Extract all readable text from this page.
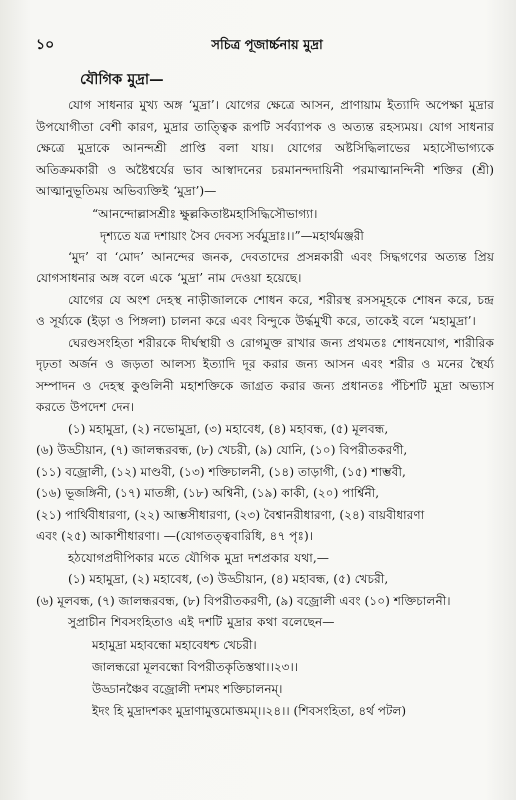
১০	সচিত্র পূজার্চ্চনায় মুদ্রা
যৌগিক মুদ্রা—

যোগ সাধনার মুখ্য অঙ্গ ‘মুদ্রা’। যোগের ক্ষেত্রে আসন, প্রাণায়াম ইত্যাদি অপেক্ষা মুদ্রার উপযোগীতা বেশী কারণ, মুদ্রার তাত্ত্বিক রূপটি সর্বব্যাপক ও অত্যন্ত রহস্যময়। যোগ সাধনার ক্ষেত্রে মুদ্রাকে আনন্দশ্রী প্রাপ্তি বলা যায়। যোগের অষ্টসিদ্ধিলাভের মহাসৌভাগ্যকে অতিক্রমকারী ও অষ্টৈশ্বর্যের ভাব আস্বাদনের চরমানন্দদায়িনী পরমাত্মানন্দিনী শক্তির (শ্রী) আত্মানুভূতিময় অভিব্যক্তিই ‘মুদ্রা’)—

“আনন্দোল্লাসশ্রীঃ ক্ষুল্লকিতাষ্টমহাসিদ্ধিসৌভাগ্যা।
দৃশ্যতে যত্র দশায়াং সৈব দেবস্য সর্বমুদ্রাঃ।।”—মহার্থমঞ্জরী

‘মুদ’ বা ‘মোদ’ আনন্দের জনক, দেবতাদের প্রসন্নকারী এবং সিদ্ধগণের অত্যন্ত প্রিয় যোগসাধনার অঙ্গ বলে একে ‘মুদ্রা’ নাম দেওয়া হয়েছে।

যোগের যে অংশ দেহস্থ নাড়ীজালকে শোধন করে, শরীরস্থ রসসমূহকে শোষন করে, চন্দ্র ও সূর্য্যকে (ইড়া ও পিঙ্গলা) চালনা করে এবং বিন্দুকে উর্দ্ধমুখী করে, তাকেই বলে ‘মহামুদ্রা’।

ঘেরণ্ডসংহিতা শরীরকে দীর্ঘস্থায়ী ও রোগমুক্ত রাখার জন্য প্রথমতঃ শোধনযোগ, শারীরিক দৃঢ়তা অর্জন ও জড়তা আলস্য ইত্যাদি দূর করার জন্য আসন এবং শরীর ও মনের স্থৈর্য্য সম্পাদন ও দেহস্থ কুণ্ডলিনী মহাশক্তিকে জাগ্রত করার জন্য প্রধানতঃ পঁচিশটি মুদ্রা অভ্যাস করতে উপদেশ দেন।

(১) মহামুদ্রা, (২) নভোমুদ্রা, (৩) মহাবেধ, (৪) মহাবন্ধ, (৫) মূলবন্ধ,
(৬) উড্ডীয়ান, (৭) জালন্ধরবন্ধ, (৮) খেচরী, (৯) যোনি, (১০) বিপরীতকরণী,
(১১) বজ্রোলী, (১২) মাণ্ডবী, (১৩) শক্তিচালনী, (১৪) তাড়াগী, (১৫) শাম্ভবী,
(১৬) ভূজঙ্গিনী, (১৭) মাতঙ্গী, (১৮) অশ্বিনী, (১৯) কাকী, (২০) পার্শ্বিনী,
(২১) পার্থিবীধারণা, (২২) আম্ভসীধারণা, (২৩) বৈশ্বানরীধারণা, (২৪) বায়বীধারণা
এবং (২৫) আকাশীধারণা। —(যোগতত্ত্ববারিধি, ৪৭ পৃঃ)।

হঠযোগপ্রদীপিকার মতে যৌগিক মুদ্রা দশপ্রকার যথা,—

(১) মহামুদ্রা, (২) মহাবেধ, (৩) উড্ডীয়ান, (৪) মহাবন্ধ, (৫) খেচরী,
(৬) মূলবন্ধ, (৭) জালন্ধরবন্ধ, (৮) বিপরীতকরণী, (৯) বজ্রোলী এবং (১০) শক্তিচালনী।

সুপ্রাচীন শিবসংহিতাও এই দশটি মুদ্রার কথা বলেছেন—

মহামুদ্রা মহাবন্ধো মহাবেধশ্চ খেচরী।
জালন্ধরো মূলবন্ধো বিপরীতকৃতিস্তথা।।২৩।।
উড্ডানঞ্চৈব বজ্রোলী দশমং শক্তিচালনম্।
ইদং হি মুদ্রাদশকং মুদ্রাণামুত্তমোত্তমম্।।২৪।। (শিবসংহিতা, ৪র্থ পটল)
